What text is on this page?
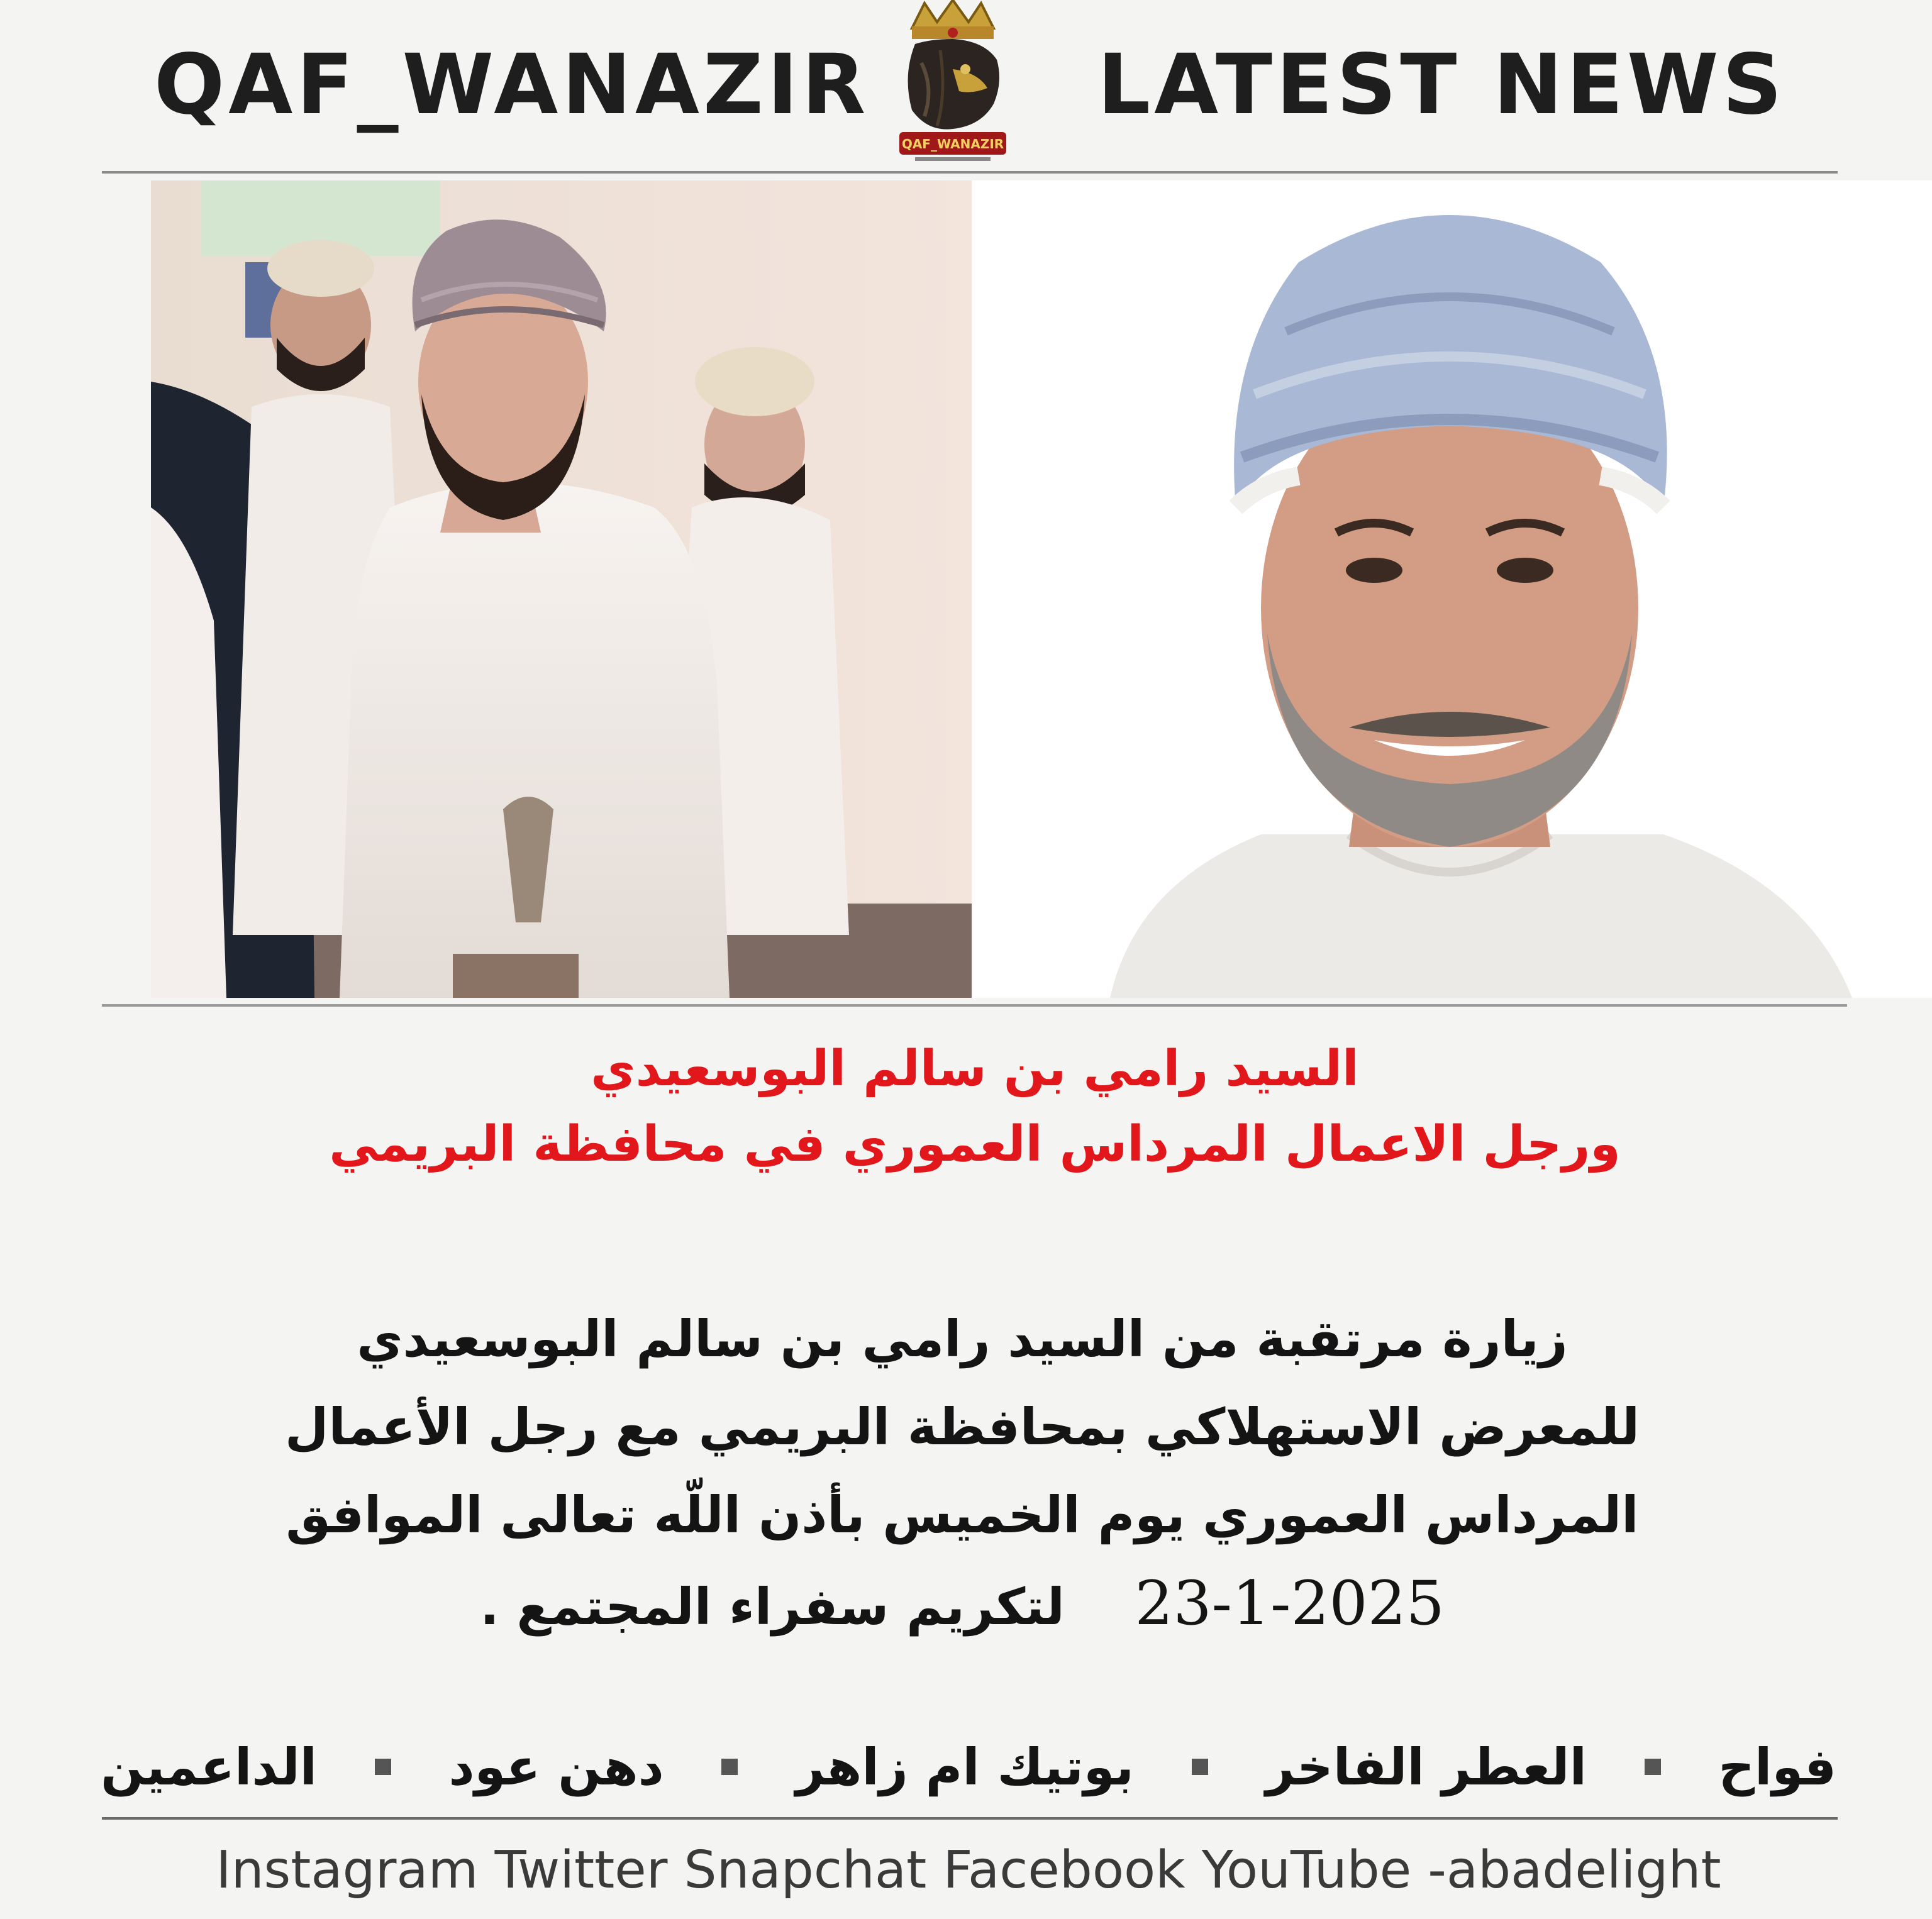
QAF_WANAZIR
QAF_WANAZIR
LATEST NEWS
السيد رامي بن سالم البوسعيدي
ورجل الاعمال المرداس العموري في محافظة البريمي
زيارة مرتقبة من السيد رامي بن سالم البوسعيدي
للمعرض الاستهلاكي بمحافظة البريمي مع رجل الأعمال
المرداس العموري يوم الخميس بأذن اللّه تعالى الموافق
23-1-2025    لتكريم سفراء المجتمع .
الداعمين	دهن عود	بوتيك ام زاهر	العطر الفاخر	فواح
Instagram Twitter Snapchat Facebook YouTube -abadelight
